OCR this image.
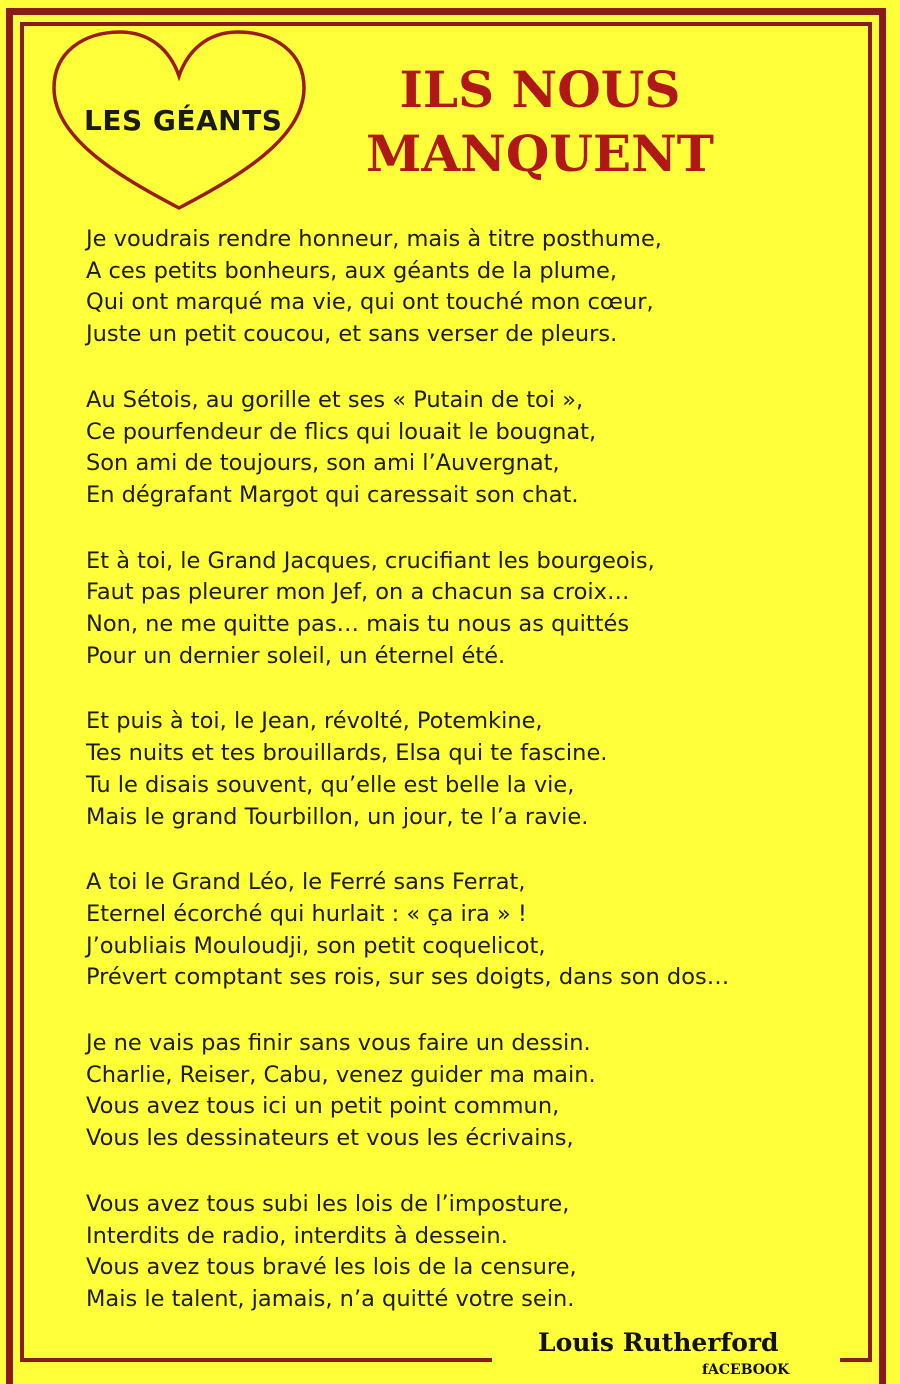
LES GÉANTS
ILS NOUS
MANQUENT
Je voudrais rendre honneur, mais à titre posthume,
A ces petits bonheurs, aux géants de la plume,
Qui ont marqué ma vie, qui ont touché mon cœur,
Juste un petit coucou, et sans verser de pleurs.
Au Sétois, au gorille et ses « Putain de toi »,
Ce pourfendeur de flics qui louait le bougnat,
Son ami de toujours, son ami l’Auvergnat,
En dégrafant Margot qui caressait son chat.
Et à toi, le Grand Jacques, crucifiant les bourgeois,
Faut pas pleurer mon Jef, on a chacun sa croix…
Non, ne me quitte pas… mais tu nous as quittés
Pour un dernier soleil, un éternel été.
Et puis à toi, le Jean, révolté, Potemkine,
Tes nuits et tes brouillards, Elsa qui te fascine.
Tu le disais souvent, qu’elle est belle la vie,
Mais le grand Tourbillon, un jour, te l’a ravie.
A toi le Grand Léo, le Ferré sans Ferrat,
Eternel écorché qui hurlait : « ça ira » !
J’oubliais Mouloudji, son petit coquelicot,
Prévert comptant ses rois, sur ses doigts, dans son dos…
Je ne vais pas finir sans vous faire un dessin.
Charlie, Reiser, Cabu, venez guider ma main.
Vous avez tous ici un petit point commun,
Vous les dessinateurs et vous les écrivains,
Vous avez tous subi les lois de l’imposture,
Interdits de radio, interdits à dessein.
Vous avez tous bravé les lois de la censure,
Mais le talent, jamais, n’a quitté votre sein.
Louis Rutherford
fACEBOOK
